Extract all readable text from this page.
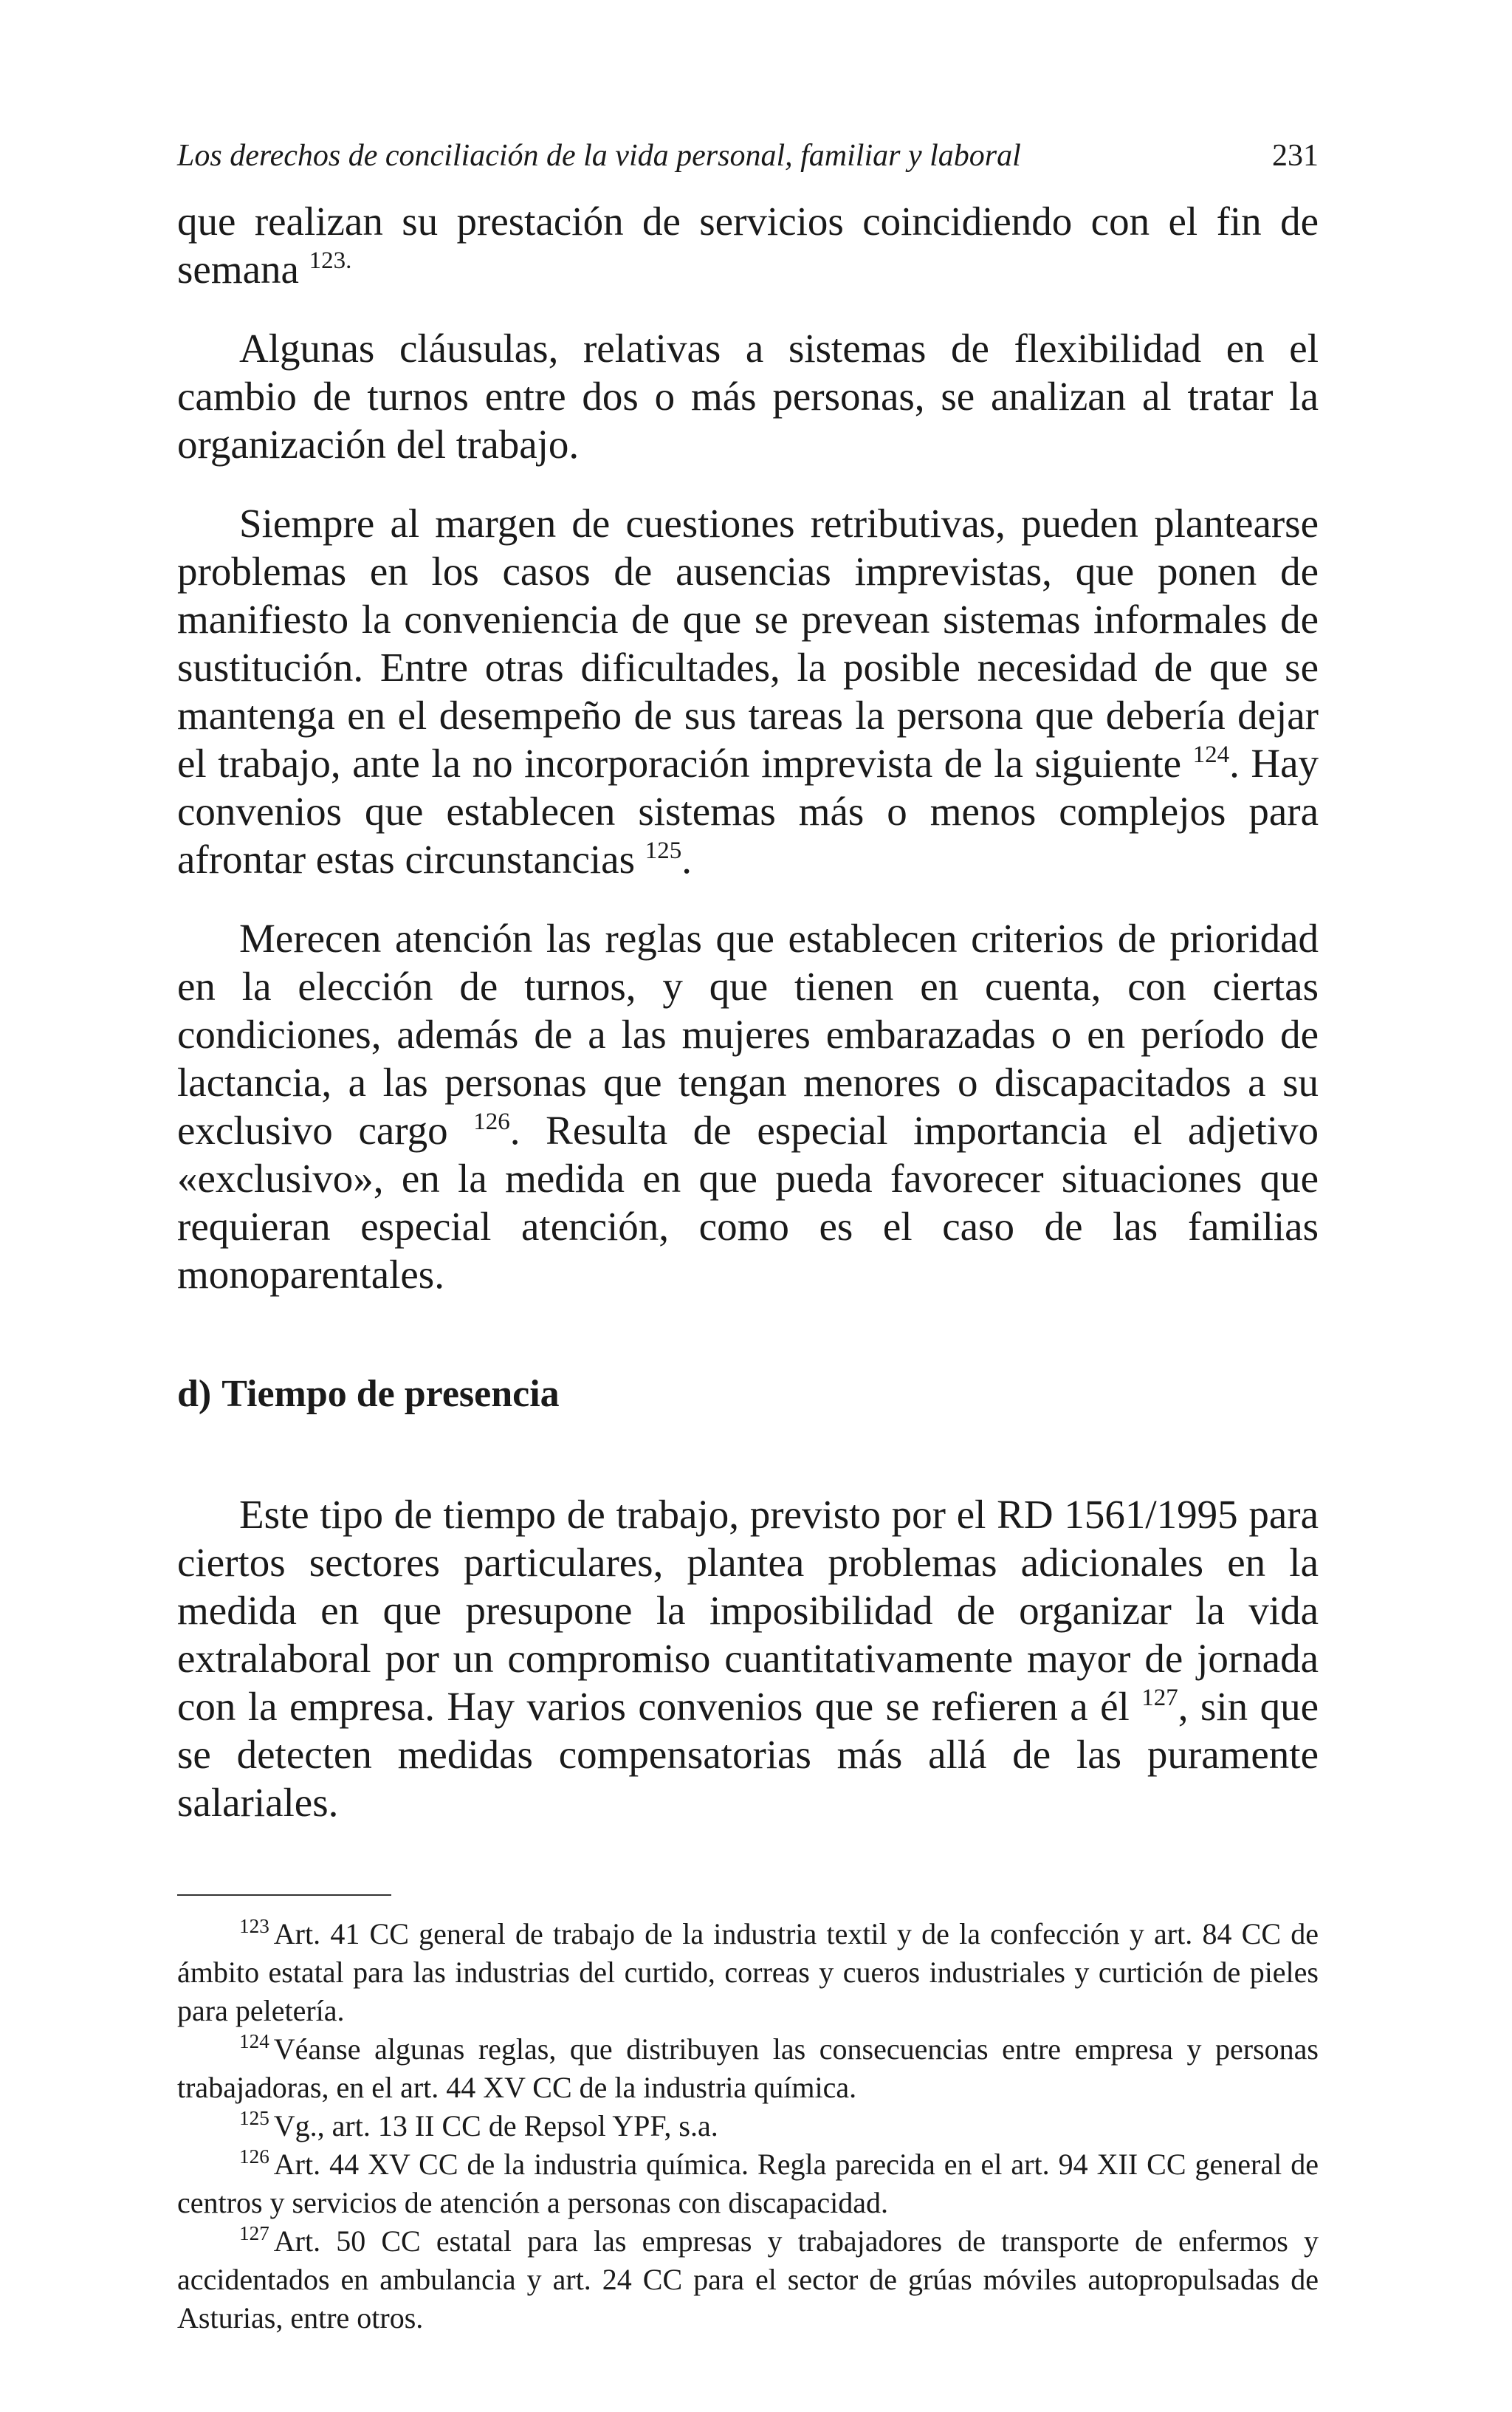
Los derechos de conciliación de la vida personal, familiar y laboral	231

que realizan su prestación de servicios coincidiendo con el fin de semana $^{123.}$

Algunas cláusulas, relativas a sistemas de flexibilidad en el cambio de turnos entre dos o más personas, se analizan al tratar la organización del trabajo.

Siempre al margen de cuestiones retributivas, pueden plantearse problemas en los casos de ausencias imprevistas, que ponen de manifiesto la conveniencia de que se prevean sistemas informales de sustitución. Entre otras dificultades, la posible necesidad de que se mantenga en el desempeño de sus tareas la persona que debería dejar el trabajo, ante la no incorporación imprevista de la siguiente $^{124}$. Hay convenios que establecen sistemas más o menos complejos para afrontar estas circunstancias $^{125}$.

Merecen atención las reglas que establecen criterios de prioridad en la elección de turnos, y que tienen en cuenta, con ciertas condiciones, además de a las mujeres embarazadas o en período de lactancia, a las personas que tengan menores o discapacitados a su exclusivo cargo $^{126}$. Resulta de especial importancia el adjetivo «exclusivo», en la medida en que pueda favorecer situaciones que requieran especial atención, como es el caso de las familias monoparentales.

d) Tiempo de presencia

Este tipo de tiempo de trabajo, previsto por el RD 1561/1995 para ciertos sectores particulares, plantea problemas adicionales en la medida en que presupone la imposibilidad de organizar la vida extralaboral por un compromiso cuantitativamente mayor de jornada con la empresa. Hay varios convenios que se refieren a él $^{127}$, sin que se detecten medidas compensatorias más allá de las puramente salariales.

$^{123}$ Art. 41 CC general de trabajo de la industria textil y de la confección y art. 84 CC de ámbito estatal para las industrias del curtido, correas y cueros industriales y curtición de pieles para peletería.

$^{124}$ Véanse algunas reglas, que distribuyen las consecuencias entre empresa y personas trabajadoras, en el art. 44 XV CC de la industria química.

$^{125}$ Vg., art. 13 II CC de Repsol YPF, s.a.

$^{126}$ Art. 44 XV CC de la industria química. Regla parecida en el art. 94 XII CC general de centros y servicios de atención a personas con discapacidad.

$^{127}$ Art. 50 CC estatal para las empresas y trabajadores de transporte de enfermos y accidentados en ambulancia y art. 24 CC para el sector de grúas móviles autopropulsadas de Asturias, entre otros.
